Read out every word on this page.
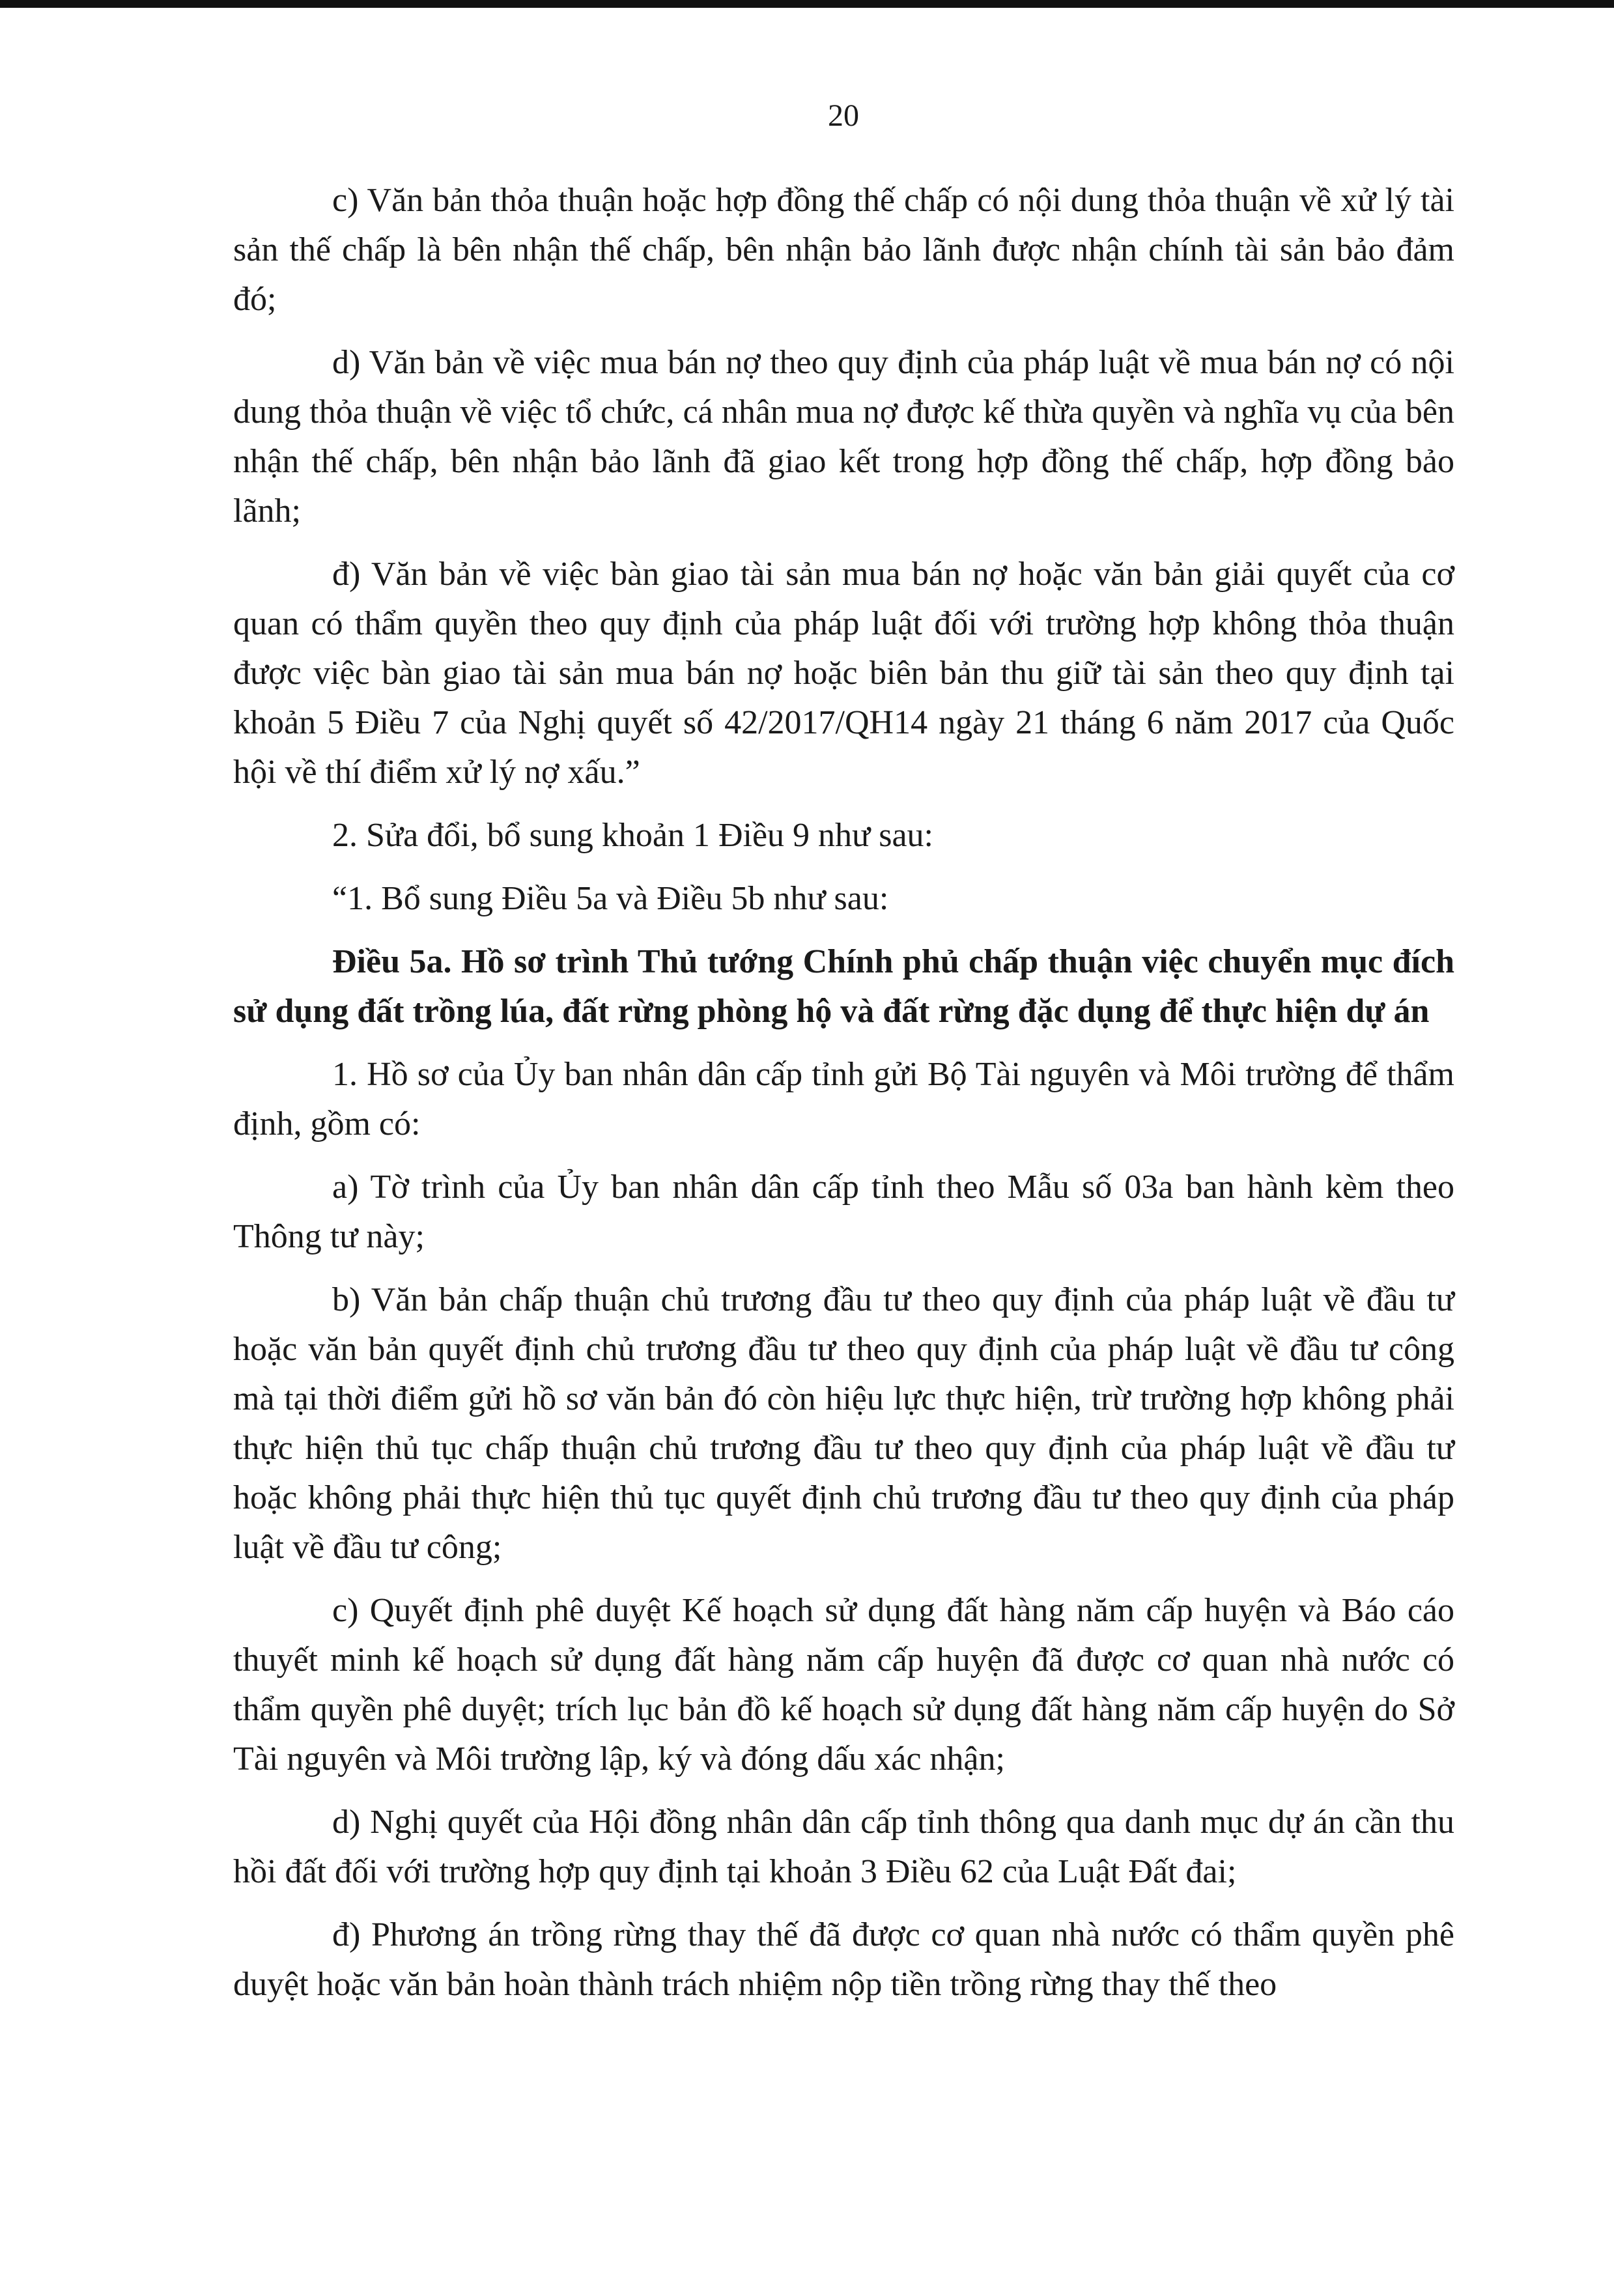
20

c) Văn bản thỏa thuận hoặc hợp đồng thế chấp có nội dung thỏa thuận về xử lý tài sản thế chấp là bên nhận thế chấp, bên nhận bảo lãnh được nhận chính tài sản bảo đảm đó;

d) Văn bản về việc mua bán nợ theo quy định của pháp luật về mua bán nợ có nội dung thỏa thuận về việc tổ chức, cá nhân mua nợ được kế thừa quyền và nghĩa vụ của bên nhận thế chấp, bên nhận bảo lãnh đã giao kết trong hợp đồng thế chấp, hợp đồng bảo lãnh;

đ) Văn bản về việc bàn giao tài sản mua bán nợ hoặc văn bản giải quyết của cơ quan có thẩm quyền theo quy định của pháp luật đối với trường hợp không thỏa thuận được việc bàn giao tài sản mua bán nợ hoặc biên bản thu giữ tài sản theo quy định tại khoản 5 Điều 7 của Nghị quyết số 42/2017/QH14 ngày 21 tháng 6 năm 2017 của Quốc hội về thí điểm xử lý nợ xấu.”

2. Sửa đổi, bổ sung khoản 1 Điều 9 như sau:

“1. Bổ sung Điều 5a và Điều 5b như sau:

Điều 5a. Hồ sơ trình Thủ tướng Chính phủ chấp thuận việc chuyển mục đích sử dụng đất trồng lúa, đất rừng phòng hộ và đất rừng đặc dụng để thực hiện dự án

1. Hồ sơ của Ủy ban nhân dân cấp tỉnh gửi Bộ Tài nguyên và Môi trường để thẩm định, gồm có:

a) Tờ trình của Ủy ban nhân dân cấp tỉnh theo Mẫu số 03a ban hành kèm theo Thông tư này;

b) Văn bản chấp thuận chủ trương đầu tư theo quy định của pháp luật về đầu tư hoặc văn bản quyết định chủ trương đầu tư theo quy định của pháp luật về đầu tư công mà tại thời điểm gửi hồ sơ văn bản đó còn hiệu lực thực hiện, trừ trường hợp không phải thực hiện thủ tục chấp thuận chủ trương đầu tư theo quy định của pháp luật về đầu tư hoặc không phải thực hiện thủ tục quyết định chủ trương đầu tư theo quy định của pháp luật về đầu tư công;

c) Quyết định phê duyệt Kế hoạch sử dụng đất hàng năm cấp huyện và Báo cáo thuyết minh kế hoạch sử dụng đất hàng năm cấp huyện đã được cơ quan nhà nước có thẩm quyền phê duyệt; trích lục bản đồ kế hoạch sử dụng đất hàng năm cấp huyện do Sở Tài nguyên và Môi trường lập, ký và đóng dấu xác nhận;

d) Nghị quyết của Hội đồng nhân dân cấp tỉnh thông qua danh mục dự án cần thu hồi đất đối với trường hợp quy định tại khoản 3 Điều 62 của Luật Đất đai;

đ) Phương án trồng rừng thay thế đã được cơ quan nhà nước có thẩm quyền phê duyệt hoặc văn bản hoàn thành trách nhiệm nộp tiền trồng rừng thay thế theo
